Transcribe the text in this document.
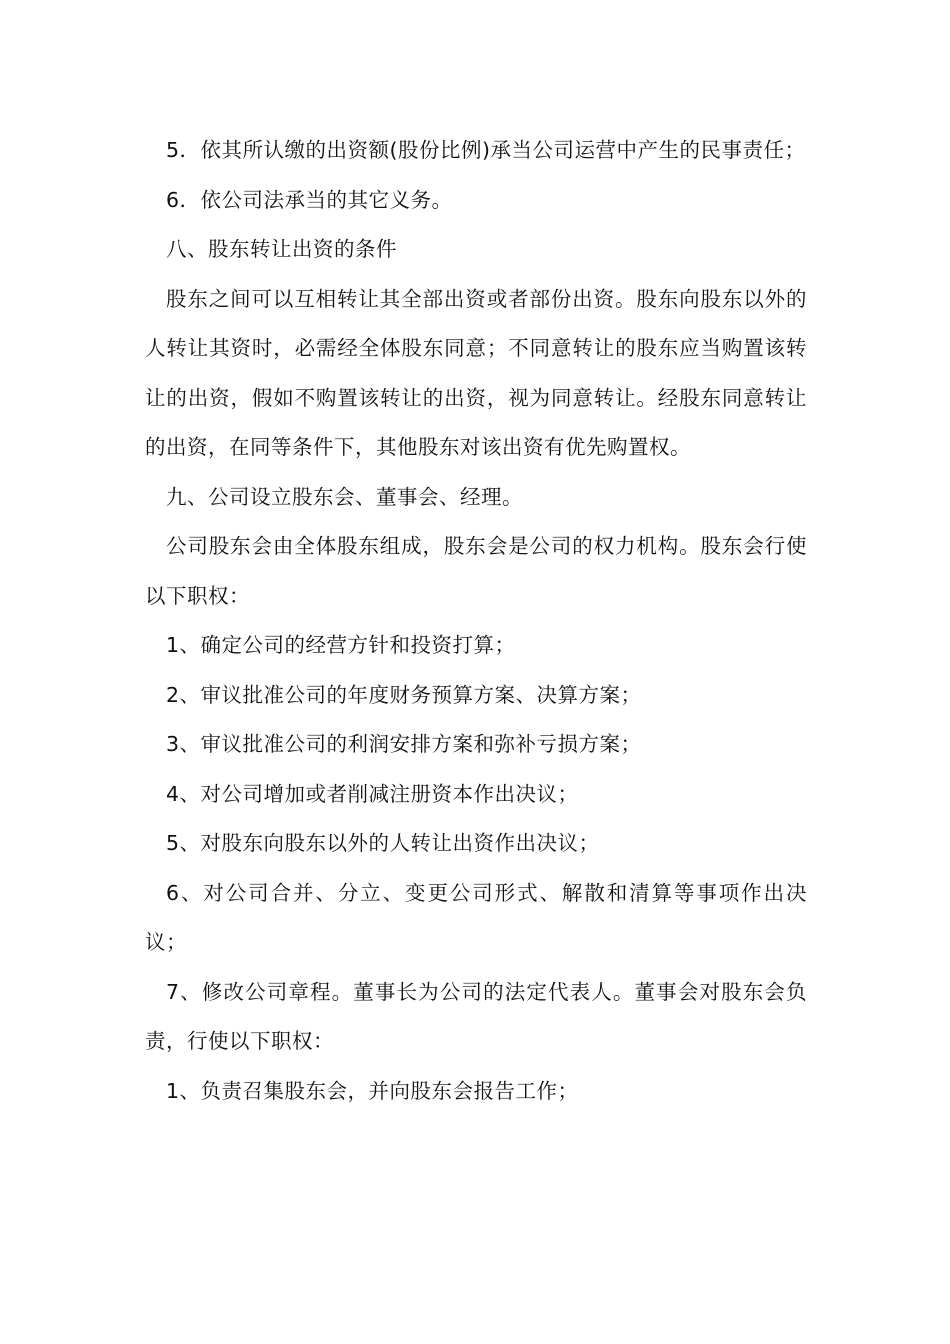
5．依其所认缴的出资额(股份比例)承当公司运营中产生的民事责任；

6．依公司法承当的其它义务。

八、股东转让出资的条件

股东之间可以互相转让其全部出资或者部份出资。股东向股东以外的人转让其资时，必需经全体股东同意；不同意转让的股东应当购置该转让的出资，假如不购置该转让的出资，视为同意转让。经股东同意转让的出资，在同等条件下，其他股东对该出资有优先购置权。

九、公司设立股东会、董事会、经理。

公司股东会由全体股东组成，股东会是公司的权力机构。股东会行使以下职权：

1、确定公司的经营方针和投资打算；

2、审议批准公司的年度财务预算方案、决算方案；

3、审议批准公司的利润安排方案和弥补亏损方案；

4、对公司增加或者削减注册资本作出决议；

5、对股东向股东以外的人转让出资作出决议；

6、对公司合并、分立、变更公司形式、解散和清算等事项作出决议；

7、修改公司章程。董事长为公司的法定代表人。董事会对股东会负责，行使以下职权：

1、负责召集股东会，并向股东会报告工作；
